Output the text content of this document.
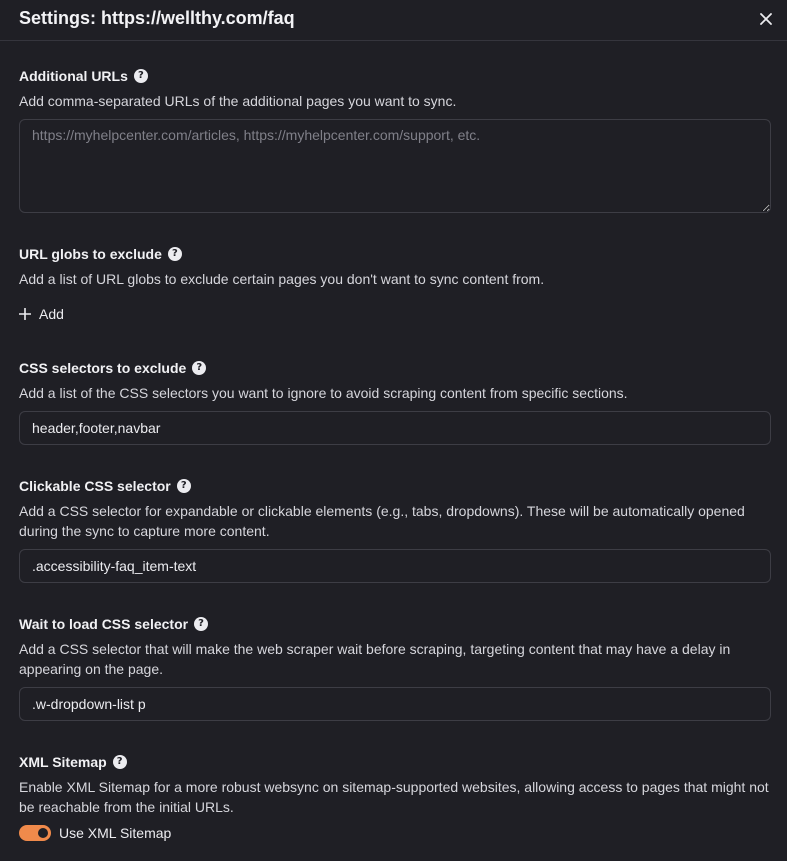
Settings: https://wellthy.com/faq
Additional URLs	?
Add comma-separated URLs of the additional pages you want to sync.
https://myhelpcenter.com/articles, https://myhelpcenter.com/support, etc.
URL globs to exclude	?
Add a list of URL globs to exclude certain pages you don't want to sync content from.
Add
CSS selectors to exclude	?
Add a list of the CSS selectors you want to ignore to avoid scraping content from specific sections.
header,footer,navbar
Clickable CSS selector	?
Add a CSS selector for expandable or clickable elements (e.g., tabs, dropdowns). These will be automatically opened during the sync to capture more content.
.accessibility-faq_item-text
Wait to load CSS selector	?
Add a CSS selector that will make the web scraper wait before scraping, targeting content that may have a delay in appearing on the page.
.w-dropdown-list p
XML Sitemap	?
Enable XML Sitemap for a more robust websync on sitemap-supported websites, allowing access to pages that might not be reachable from the initial URLs.
Use XML Sitemap
